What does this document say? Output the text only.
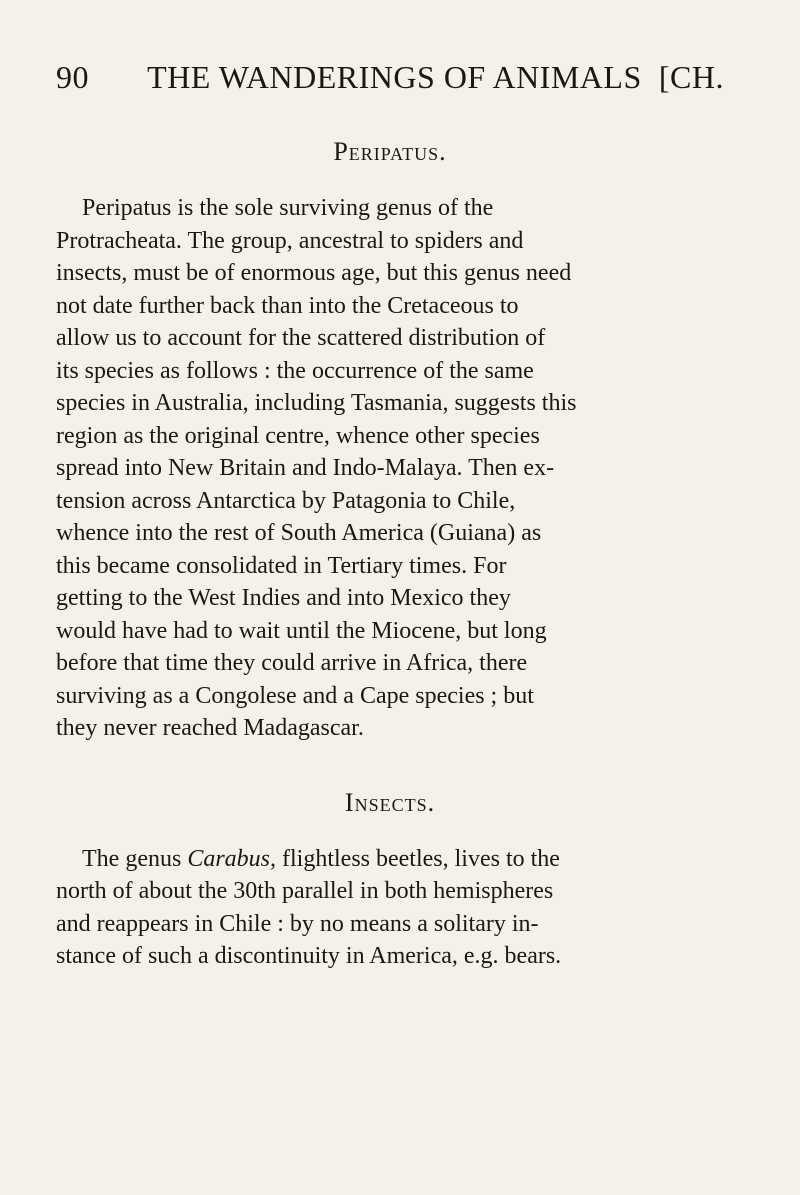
90	THE WANDERINGS OF ANIMALS [CH.
Peripatus.

Peripatus is the sole surviving genus of the
Protracheata. The group, ancestral to spiders and
insects, must be of enormous age, but this genus need
not date further back than into the Cretaceous to
allow us to account for the scattered distribution of
its species as follows : the occurrence of the same
species in Australia, including Tasmania, suggests this
region as the original centre, whence other species
spread into New Britain and Indo-Malaya. Then ex-
tension across Antarctica by Patagonia to Chile,
whence into the rest of South America (Guiana) as
this became consolidated in Tertiary times. For
getting to the West Indies and into Mexico they
would have had to wait until the Miocene, but long
before that time they could arrive in Africa, there
surviving as a Congolese and a Cape species ; but
they never reached Madagascar.

Insects.

The genus Carabus, flightless beetles, lives to the
north of about the 30th parallel in both hemispheres
and reappears in Chile : by no means a solitary in-
stance of such a discontinuity in America, e.g. bears.
